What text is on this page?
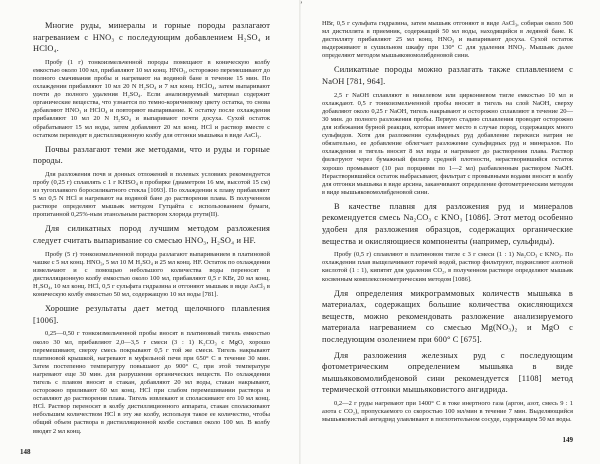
Многие руды, минералы и горные породы разлагают нагреванием с HNO₃ с последующим добавлением H₂SO₄ и HClO₄.

Пробу (1 г) тонкоизмельченной породы помещают в коническую колбу емкостью около 100 мл, прибавляют 10 мл конц. HNO₃, осторожно перемешивают до полного смачивания пробы и нагревают на водяной бане в течение 15 мин. По охлаждении прибавляют 10 мл 20 N H₂SO₄ и 7 мл конц. HClO₄, затем выпаривают почти до полного удаления H₂SO₄. Если анализируемый материал содержит органические вещества, что узнается по темно-коричневому цвету остатка, то снова добавляют HNO₃ и HClO₄ и повторяют выпаривание. К остатку после охлаждения прибавляют 10 мл 20 N H₂SO₄ и выпаривают почти досуха. Сухой остаток обрабатывают 15 мл воды, затем добавляют 20 мл конц. HCl и раствор вместе с остатком переводят в дистилляционную колбу для отгонки мышьяка в виде AsCl₃.

Почвы разлагают теми же методами, что и руды и горные породы.

Для разложения почв и донных отложений в полевых условиях рекомендуется пробу (0,25 г) сплавлять с 1 г KHSO₄ в пробирке (диаметром 16 мм, высотой 15 см) из тугоплавкого боросиликатного стекла [1093]. По охлаждении к плаву прибавляют 5 мл 0,5 N HCl и нагревают на водяной бане до растворения плава. В полученном растворе определяют мышьяк методом Гутцайта с использованием бумаги, пропитанной 0,25%-ным этанольным раствором хлорида ртути(II).

Для силикатных пород лучшим методом разложения следует считать выпаривание со смесью HNO₃, H₂SO₄ и HF.

Пробу (5 г) тонкоизмельченной породы разлагают выпариванием в платиновой чашке с 5 мл конц. HNO₃, 5 мл 10 M H₂SO₄ и 25 мл конц. HF. Остаток по охлаждении измельчают и с помощью небольшого количества воды переносят в дистилляционную колбу емкостью около 100 мл, прибавляют 0,5 г KBr, 20 мл конц. H₂SO₄, 10 мл конц. HCl, 0,5 г сульфата гидразина и отгоняют мышьяк в виде AsCl₃ в коническую колбу емкостью 50 мл, содержащую 10 мл воды [781].

Хорошие результаты дает метод щелочного плавления [1006].

0,25—0,50 г тонкоизмельченной пробы вносят в платиновый тигель емкостью около 30 мл, прибавляют 2,0—3,5 г смеси (3 : 1) K₂CO₃ с MgO, хорошо перемешивают, сверху смесь покрывают 0,5 г той же смеси. Тигель накрывают платиновой крышкой, нагревают в муфельной печи при 650° С в течение 30 мин. Затем постепенно температуру повышают до 900° С, при этой температуре нагревают еще 30 мин. для разрушения органических веществ. По охлаждении тигель с плавом вносят в стакан, добавляют 20 мл воды, стакан накрывают, осторожно приливают 60 мл конц. HCl при слабом перемешивании раствора и оставляют до растворения плава. Тигель извлекают и споласкивают его 10 мл конц. HCl. Раствор переносят в колбу дистилляционного аппарата, стакан споласкивают небольшим количеством HCl в эту же колбу, используя такое ее количество, чтобы общий объем раствора в дистилляционной колбе составил около 100 мл. В колбу вводят 2 мл конц.

148
ʼ

HBr, 0,5 г сульфата гидразина, затем мышьяк отгоняют в виде AsCl₃, собирая около 500 мл дистиллята в приемник, содержащий 50 мл воды, находящийся в ледяной бане. К дистилляту прибавляют 25 мл конц. HNO₃ и выпаривают досуха. Сухой остаток выдерживают в сушильном шкафу при 130° С для удаления HNO₃. Мышьяк далее определяют методом мышьяковомолибденовой сини.

Силикатные породы можно разлагать также сплавлением с NaOH [781, 964].

2,5 г NaOH сплавляют в никелевом или циркониевом тигле емкостью 10 мл и охлаждают. 0,5 г тонкоизмельченной пробы вносят в тигель на слой NaOH, сверху добавляют около 0,25 г NaOH, тигель накрывают и осторожно сплавляют в течение 20—30 мин. до полного разложения пробы. Первую стадию сплавления проводят осторожно для избежания бурной реакции, которая имеет место в случае пород, содержащих много сульфидов. Хотя для разложения сульфидных руд добавление перекиси натрия не обязательно, ее добавление облегчает разложение сульфидных руд и минералов. По охлаждении в тигель вносят 8 мл воды и нагревают до растворения плава. Раствор фильтруют через бумажный фильтр средней плотности, нерастворившийся остаток хорошо промывают (10 раз порциями по 1—2 мл) разбавленным раствором NaOH. Нерастворившийся остаток выбрасывают, фильтрат с промывными водами вносят в колбу для отгонки мышьяка в виде арсина, заканчивают определение фотометрическим методом в виде мышьяковомолибденовой сини.

В качестве плавня для разложения руд и минералов рекомендуется смесь Na₂CO₃ с KNO₃ [1086]. Этот метод особенно удобен для разложения образцов, содержащих органические вещества и окисляющиеся компоненты (например, сульфиды).

Пробу (0,5 г) сплавляют в платиновом тигле с 3 г смеси (1 : 1) Na₂CO₃ с KNO₃. По охлаждении плав выщелачивают горячей водой, раствор фильтруют, подкисляют азотной кислотой (1 : 1), кипятят для удаления CO₂, в полученном растворе определяют мышьяк косвенным комплексонометрическим методом [1086].

Для определения микрограммовых количеств мышьяка в материалах, содержащих большие количества окисляющихся веществ, можно рекомендовать разложение анализируемого материала нагреванием со смесью Mg(NO₃)₂ и MgO с последующим озолением при 600° С [675].

Для разложения железных руд с последующим фотометрическим определением мышьяка в виде мышьяковомолибденовой сини рекомендуется [1108] метод термической отгонки мышьяковистого ангидрида.

0,2—2 г руды нагревают при 1400° С в токе инертного газа (аргон, азот, смесь 9 : 1 азота с CO₂), пропускаемого со скоростью 100 мл/мин в течение 7 мин. Выделяющийся мышьяковистый ангидрид улавливают в поглотительном сосуде, содержащем 50 мл воды.

149
